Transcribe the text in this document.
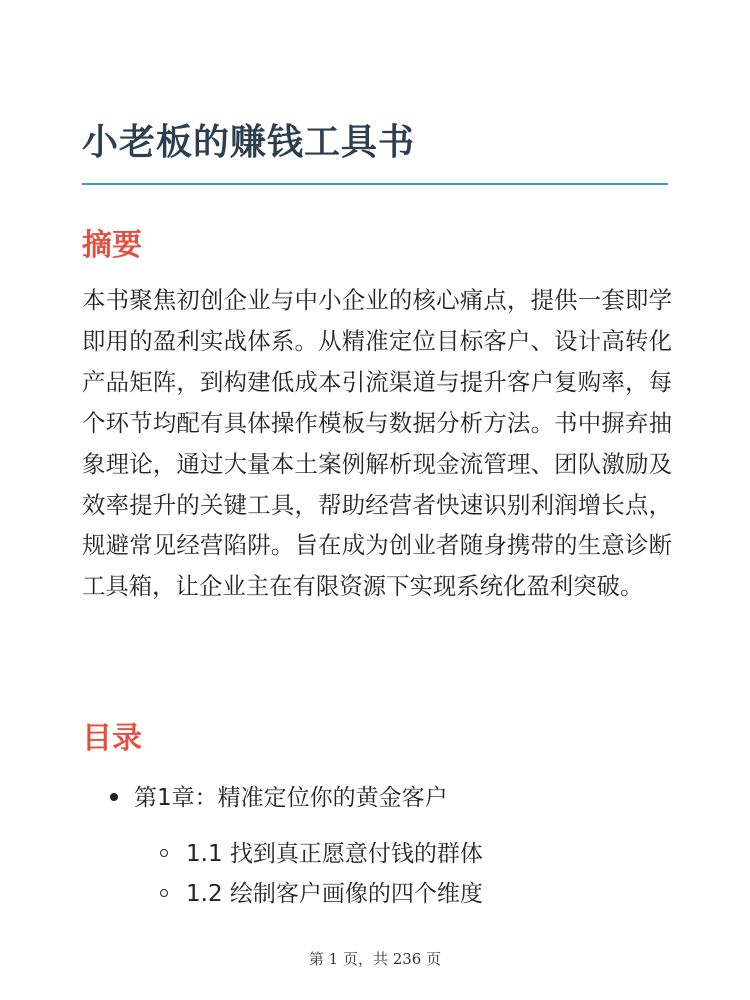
小老板的赚钱工具书
摘要

本书聚焦初创企业与中小企业的核心痛点，提供一套即学即用的盈利实战体系。从精准定位目标客户、设计高转化产品矩阵，到构建低成本引流渠道与提升客户复购率，每个环节均配有具体操作模板与数据分析方法。书中摒弃抽象理论，通过大量本土案例解析现金流管理、团队激励及效率提升的关键工具，帮助经营者快速识别利润增长点，规避常见经营陷阱。旨在成为创业者随身携带的生意诊断工具箱，让企业主在有限资源下实现系统化盈利突破。

目录
第1章：精准定位你的黄金客户
1.1 找到真正愿意付钱的群体
1.2 绘制客户画像的四个维度
第 1 页，共 236 页
